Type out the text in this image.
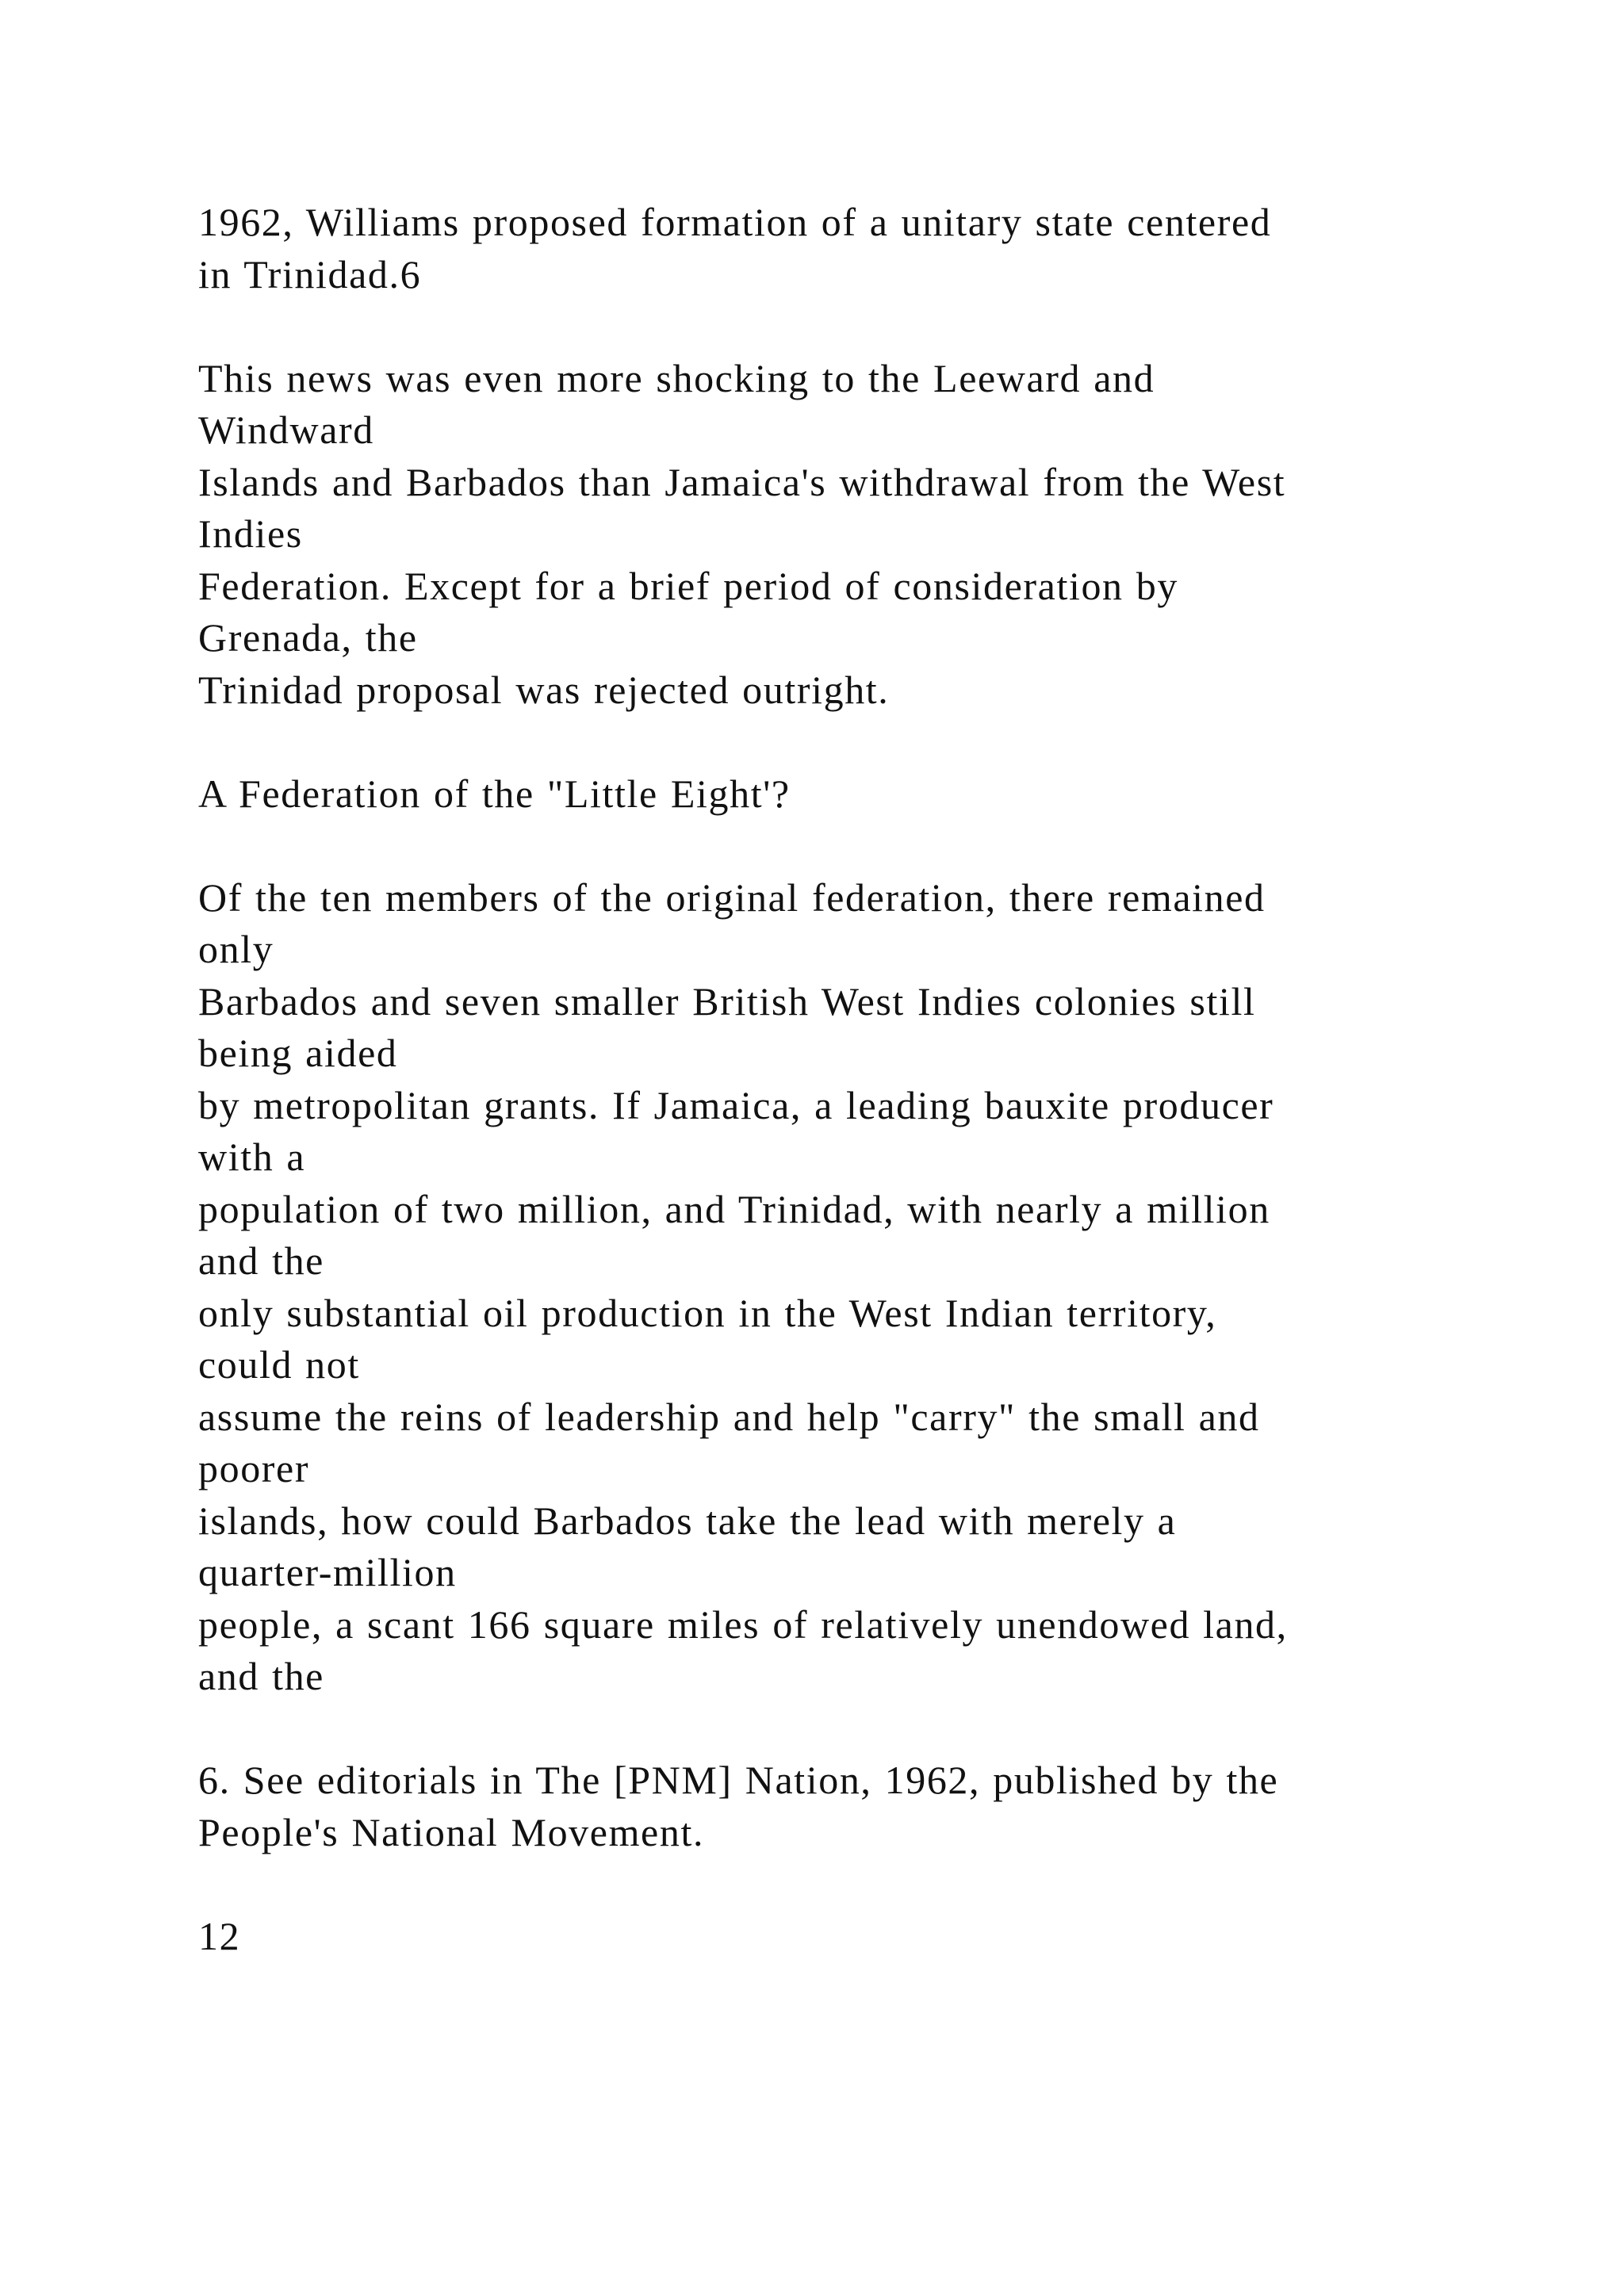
1962, Williams proposed formation of a unitary state centered
in Trinidad.6
This news was even more shocking to the Leeward and
Windward
Islands and Barbados than Jamaica's withdrawal from the West
Indies
Federation. Except for a brief period of consideration by
Grenada, the
Trinidad proposal was rejected outright.
A Federation of the "Little Eight'?
Of the ten members of the original federation, there remained
only
Barbados and seven smaller British West Indies colonies still
being aided
by metropolitan grants. If Jamaica, a leading bauxite producer
with a
population of two million, and Trinidad, with nearly a million
and the
only substantial oil production in the West Indian territory,
could not
assume the reins of leadership and help "carry" the small and
poorer
islands, how could Barbados take the lead with merely a
quarter-million
people, a scant 166 square miles of relatively unendowed land,
and the
6. See editorials in The [PNM] Nation, 1962, published by the
People's National Movement.
12
